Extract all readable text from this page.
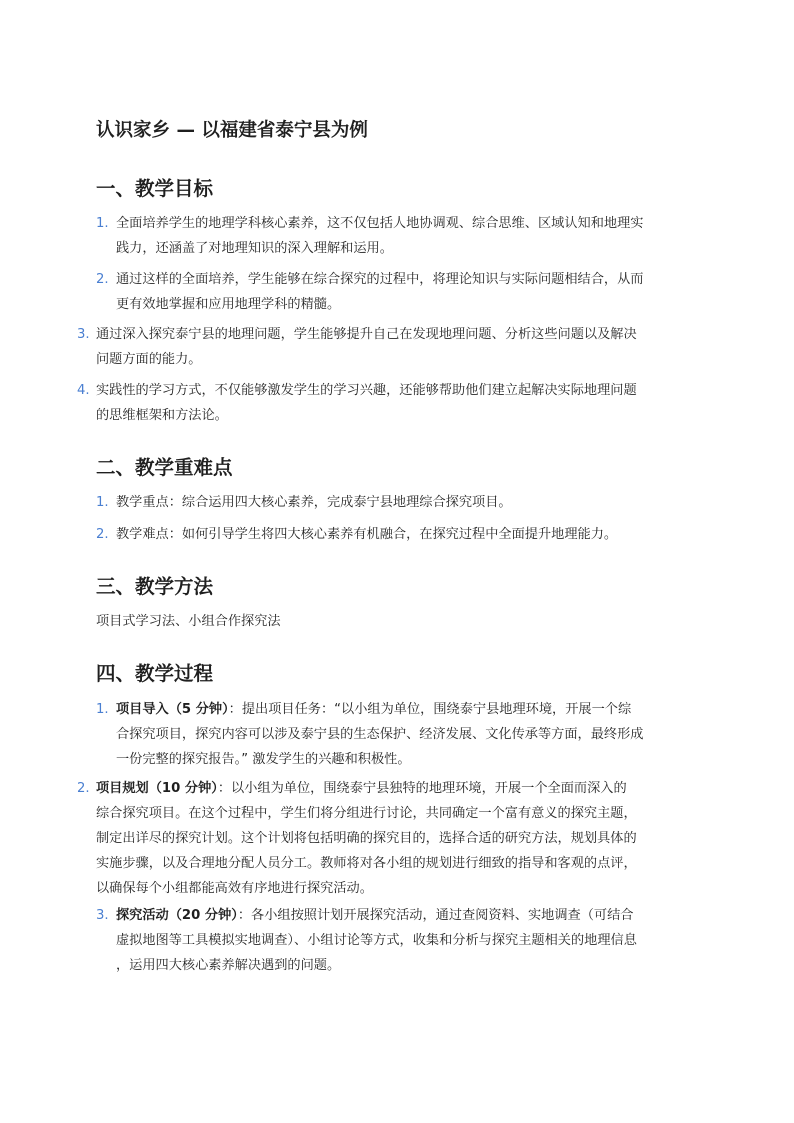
认识家乡 — 以福建省泰宁县为例
一、教学目标
1. 全面培养学生的地理学科核心素养，这不仅包括人地协调观、综合思维、区域认知和地理实
践力，还涵盖了对地理知识的深入理解和运用。
2. 通过这样的全面培养，学生能够在综合探究的过程中，将理论知识与实际问题相结合，从而
更有效地掌握和应用地理学科的精髓。
3. 通过深入探究泰宁县的地理问题，学生能够提升自己在发现地理问题、分析这些问题以及解决
问题方面的能力。
4. 实践性的学习方式，不仅能够激发学生的学习兴趣，还能够帮助他们建立起解决实际地理问题
的思维框架和方法论。
二、教学重难点
1. 教学重点：综合运用四大核心素养，完成泰宁县地理综合探究项目。
2. 教学难点：如何引导学生将四大核心素养有机融合，在探究过程中全面提升地理能力。
三、教学方法
项目式学习法、小组合作探究法
四、教学过程
1. 项目导入（5 分钟）：提出项目任务：“以小组为单位，围绕泰宁县地理环境，开展一个综
合探究项目，探究内容可以涉及泰宁县的生态保护、经济发展、文化传承等方面，最终形成
一份完整的探究报告。” 激发学生的兴趣和积极性。
2. 项目规划（10 分钟）：以小组为单位，围绕泰宁县独特的地理环境，开展一个全面而深入的
综合探究项目。在这个过程中，学生们将分组进行讨论，共同确定一个富有意义的探究主题，
制定出详尽的探究计划。这个计划将包括明确的探究目的，选择合适的研究方法，规划具体的
实施步骤，以及合理地分配人员分工。教师将对各小组的规划进行细致的指导和客观的点评，
以确保每个小组都能高效有序地进行探究活动。
3. 探究活动（20 分钟）：各小组按照计划开展探究活动，通过查阅资料、实地调查（可结合
虚拟地图等工具模拟实地调查）、小组讨论等方式，收集和分析与探究主题相关的地理信息
，运用四大核心素养解决遇到的问题。
